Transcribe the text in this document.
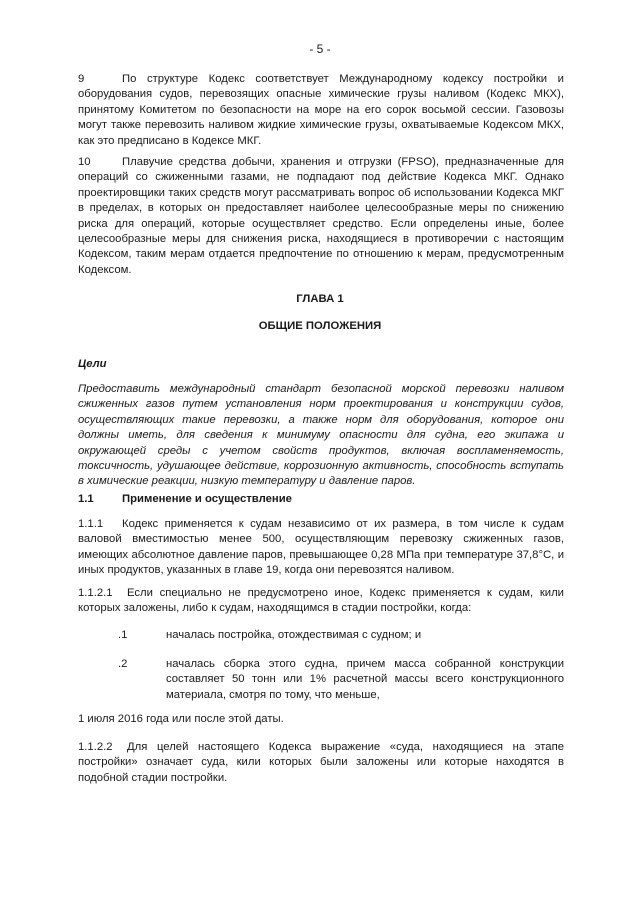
- 5 -
9	По структуре Кодекс соответствует Международному кодексу постройки и оборудования судов, перевозящих опасные химические грузы наливом (Кодекс МКХ), принятому Комитетом по безопасности на море на его сорок восьмой сессии. Газовозы могут также перевозить наливом жидкие химические грузы, охватываемые Кодексом МКХ, как это предписано в Кодексе МКГ.
10	Плавучие средства добычи, хранения и отгрузки (FPSO), предназначенные для операций со сжиженными газами, не подпадают под действие Кодекса МКГ. Однако проектировщики таких средств могут рассматривать вопрос об использовании Кодекса МКГ в пределах, в которых он предоставляет наиболее целесообразные меры по снижению риска для операций, которые осуществляет средство. Если определены иные, более целесообразные меры для снижения риска, находящиеся в противоречии с настоящим Кодексом, таким мерам отдается предпочтение по отношению к мерам, предусмотренным Кодексом.
ГЛАВА 1
ОБЩИЕ ПОЛОЖЕНИЯ
Цели
Предоставить международный стандарт безопасной морской перевозки наливом сжиженных газов путем установления норм проектирования и конструкции судов, осуществляющих такие перевозки, а также норм для оборудования, которое они должны иметь, для сведения к минимуму опасности для судна, его экипажа и окружающей среды с учетом свойств продуктов, включая воспламеняемость, токсичность, удушающее действие, коррозионную активность, способность вступать в химические реакции, низкую температуру и давление паров.
1.1	Применение и осуществление
1.1.1 Кодекс применяется к судам независимо от их размера, в том числе к судам валовой вместимостью менее 500, осуществляющим перевозку сжиженных газов, имеющих абсолютное давление паров, превышающее 0,28 МПа при температуре 37,8°С, и иных продуктов, указанных в главе 19, когда они перевозятся наливом.
1.1.2.1 Если специально не предусмотрено иное, Кодекс применяется к судам, кили которых заложены, либо к судам, находящимся в стадии постройки, когда:
.1	началась постройка, отождествимая с судном; и
.2	началась сборка этого судна, причем масса собранной конструкции составляет 50 тонн или 1% расчетной массы всего конструкционного материала, смотря по тому, что меньше,
1 июля 2016 года или после этой даты.
1.1.2.2 Для целей настоящего Кодекса выражение «суда, находящиеся на этапе постройки» означает суда, кили которых были заложены или которые находятся в подобной стадии постройки.
